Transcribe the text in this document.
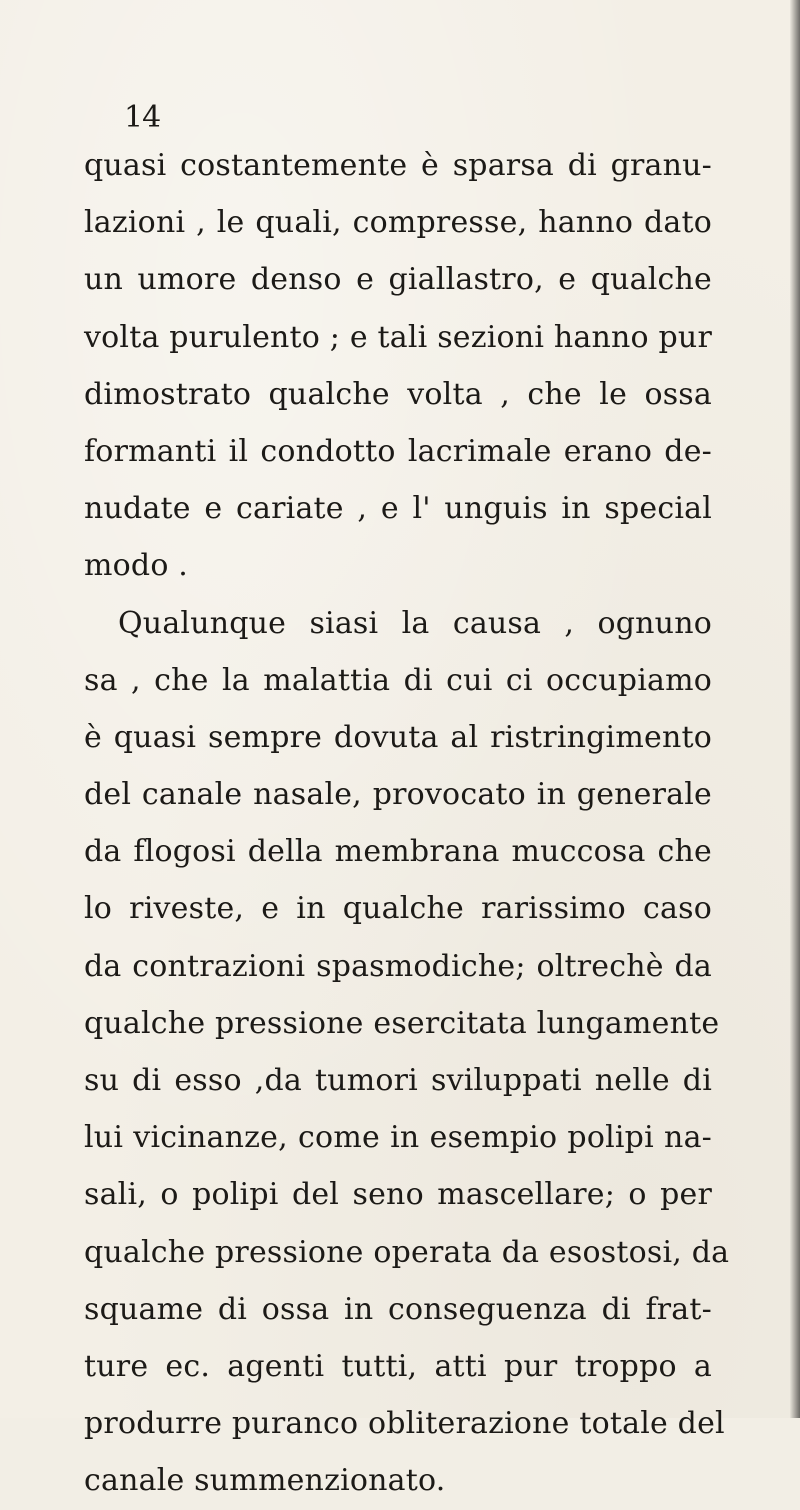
14
quasi costantemente è sparsa di granu-
lazioni , le quali, compresse, hanno dato
un umore denso e giallastro, e qualche
volta purulento ; e tali sezioni hanno pur
dimostrato qualche volta , che le ossa
formanti il condotto lacrimale erano de-
nudate e cariate , e l' unguis in special
modo .
Qualunque siasi la causa , ognuno
sa , che la malattia di cui ci occupiamo
è quasi sempre dovuta al ristringimento
del canale nasale, provocato in generale
da flogosi della membrana muccosa che
lo riveste, e in qualche rarissimo caso
da contrazioni spasmodiche; oltrechè da
qualche pressione esercitata lungamente
su di esso ,da tumori sviluppati nelle di
lui vicinanze, come in esempio polipi na-
sali, o polipi del seno mascellare; o per
qualche pressione operata da esostosi, da
squame di ossa in conseguenza di frat-
ture ec. agenti tutti, atti pur troppo a
produrre puranco obliterazione totale del
canale summenzionato.
